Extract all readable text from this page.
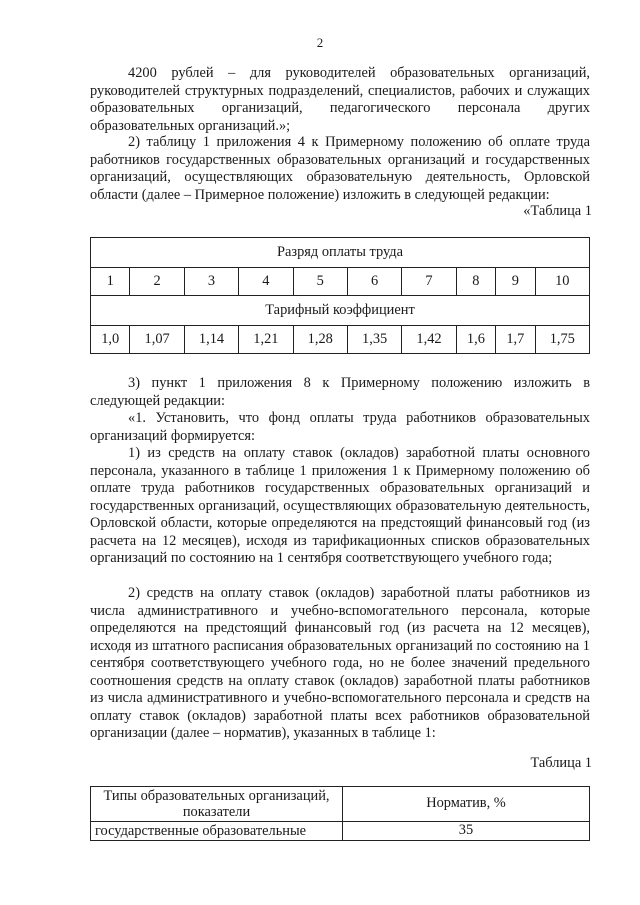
2

4200 рублей – для руководителей образовательных организаций, руководителей структурных подразделений, специалистов, рабочих и служащих образовательных организаций, педагогического персонала других образовательных организаций.»;

2) таблицу 1 приложения 4 к Примерному положению об оплате труда работников государственных образовательных организаций и государственных организаций, осуществляющих образовательную деятельность, Орловской области (далее – Примерное положение) изложить в следующей редакции:

«Таблица 1
Разряд оплаты труда									
1	2	3	4	5	6	7	8	9	10
Тарифный коэффициент									
1,0	1,07	1,14	1,21	1,28	1,35	1,42	1,6	1,7	1,75

3) пункт 1 приложения 8 к Примерному положению изложить в следующей редакции:

«1. Установить, что фонд оплаты труда работников образовательных организаций формируется:

1) из средств на оплату ставок (окладов) заработной платы основного персонала, указанного в таблице 1 приложения 1 к Примерному положению об оплате труда работников государственных образовательных организаций и государственных организаций, осуществляющих образовательную деятельность, Орловской области, которые определяются на предстоящий финансовый год (из расчета на 12 месяцев), исходя из тарификационных списков образовательных организаций по состоянию на 1 сентября соответствующего учебного года;

2) средств на оплату ставок (окладов) заработной платы работников из числа административного и учебно-вспомогательного персонала, которые определяются на предстоящий финансовый год (из расчета на 12 месяцев), исходя из штатного расписания образовательных организаций по состоянию на 1 сентября соответствующего учебного года, но не более значений предельного соотношения средств на оплату ставок (окладов) заработной платы работников из числа административного и учебно-вспомогательного персонала и средств на оплату ставок (окладов) заработной платы всех работников образовательной организации (далее – норматив), указанных в таблице 1:

Таблица 1
Типы образовательных организаций, показатели	Норматив, %
государственные образовательные	35
